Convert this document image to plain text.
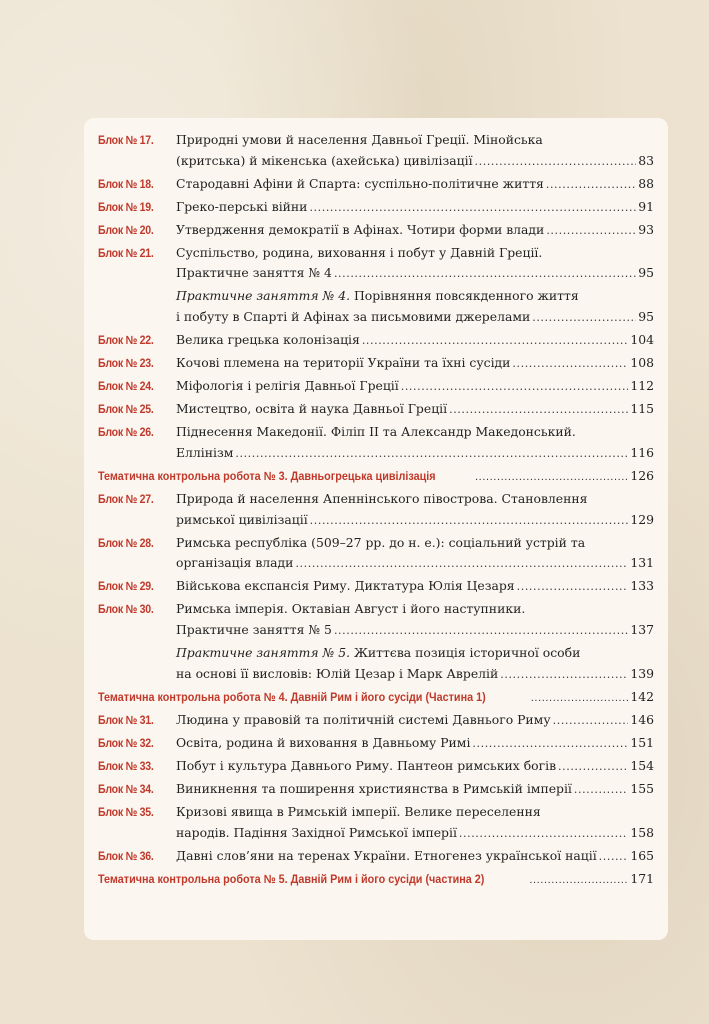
Блок № 17.	Природні умови й населення Давньої Греції. Мінойська
(критська) й мікенська (ахейська) цивілізації .....	83
Блок № 18.	Стародавні Афіни й Спарта: суспільно-політичне життя .....	88
Блок № 19.	Греко-перські війни .....	91
Блок № 20.	Утвердження демократії в Афінах. Чотири форми влади .....	93
Блок № 21.	Суспільство, родина, виховання і побут у Давній Греції.
Практичне заняття № 4 .....	95
Практичне заняття № 4. Порівняння повсякденного життя
і побуту в Спарті й Афінах за письмовими джерелами .....	95
Блок № 22.	Велика грецька колонізація .....	104
Блок № 23.	Кочові племена на території України та їхні сусіди .....	108
Блок № 24.	Міфологія і релігія Давньої Греції .....	112
Блок № 25.	Мистецтво, освіта й наука Давньої Греції .....	115
Блок № 26.	Піднесення Македонії. Філіп ІІ та Александр Македонський.
Еллінізм .....	116
Тематична контрольна робота № 3. Давньогрецька цивілізація .....	126
Блок № 27.	Природа й населення Апеннінського півострова. Становлення
римської цивілізації .....	129
Блок № 28.	Римська республіка (509–27 рр. до н. е.): соціальний устрій та
організація влади .....	131
Блок № 29.	Військова експансія Риму. Диктатура Юлія Цезаря .....	133
Блок № 30.	Римська імперія. Октавіан Август і його наступники.
Практичне заняття № 5 .....	137
Практичне заняття № 5. Життєва позиція історичної особи
на основі її висловів: Юлій Цезар і Марк Аврелій .....	139
Тематична контрольна робота № 4. Давній Рим і його сусіди (Частина 1) .....	142
Блок № 31.	Людина у правовій та політичній системі Давнього Риму .....	146
Блок № 32.	Освіта, родина й виховання в Давньому Римі .....	151
Блок № 33.	Побут і культура Давнього Риму. Пантеон римських богів .....	154
Блок № 34.	Виникнення та поширення християнства в Римській імперії .....	155
Блок № 35.	Кризові явища в Римській імперії. Велике переселення
народів. Падіння Західної Римської імперії .....	158
Блок № 36.	Давні слов’яни на теренах України. Етногенез української нації .....	165
Тематична контрольна робота № 5. Давній Рим і його сусіди (частина 2) .....	171
